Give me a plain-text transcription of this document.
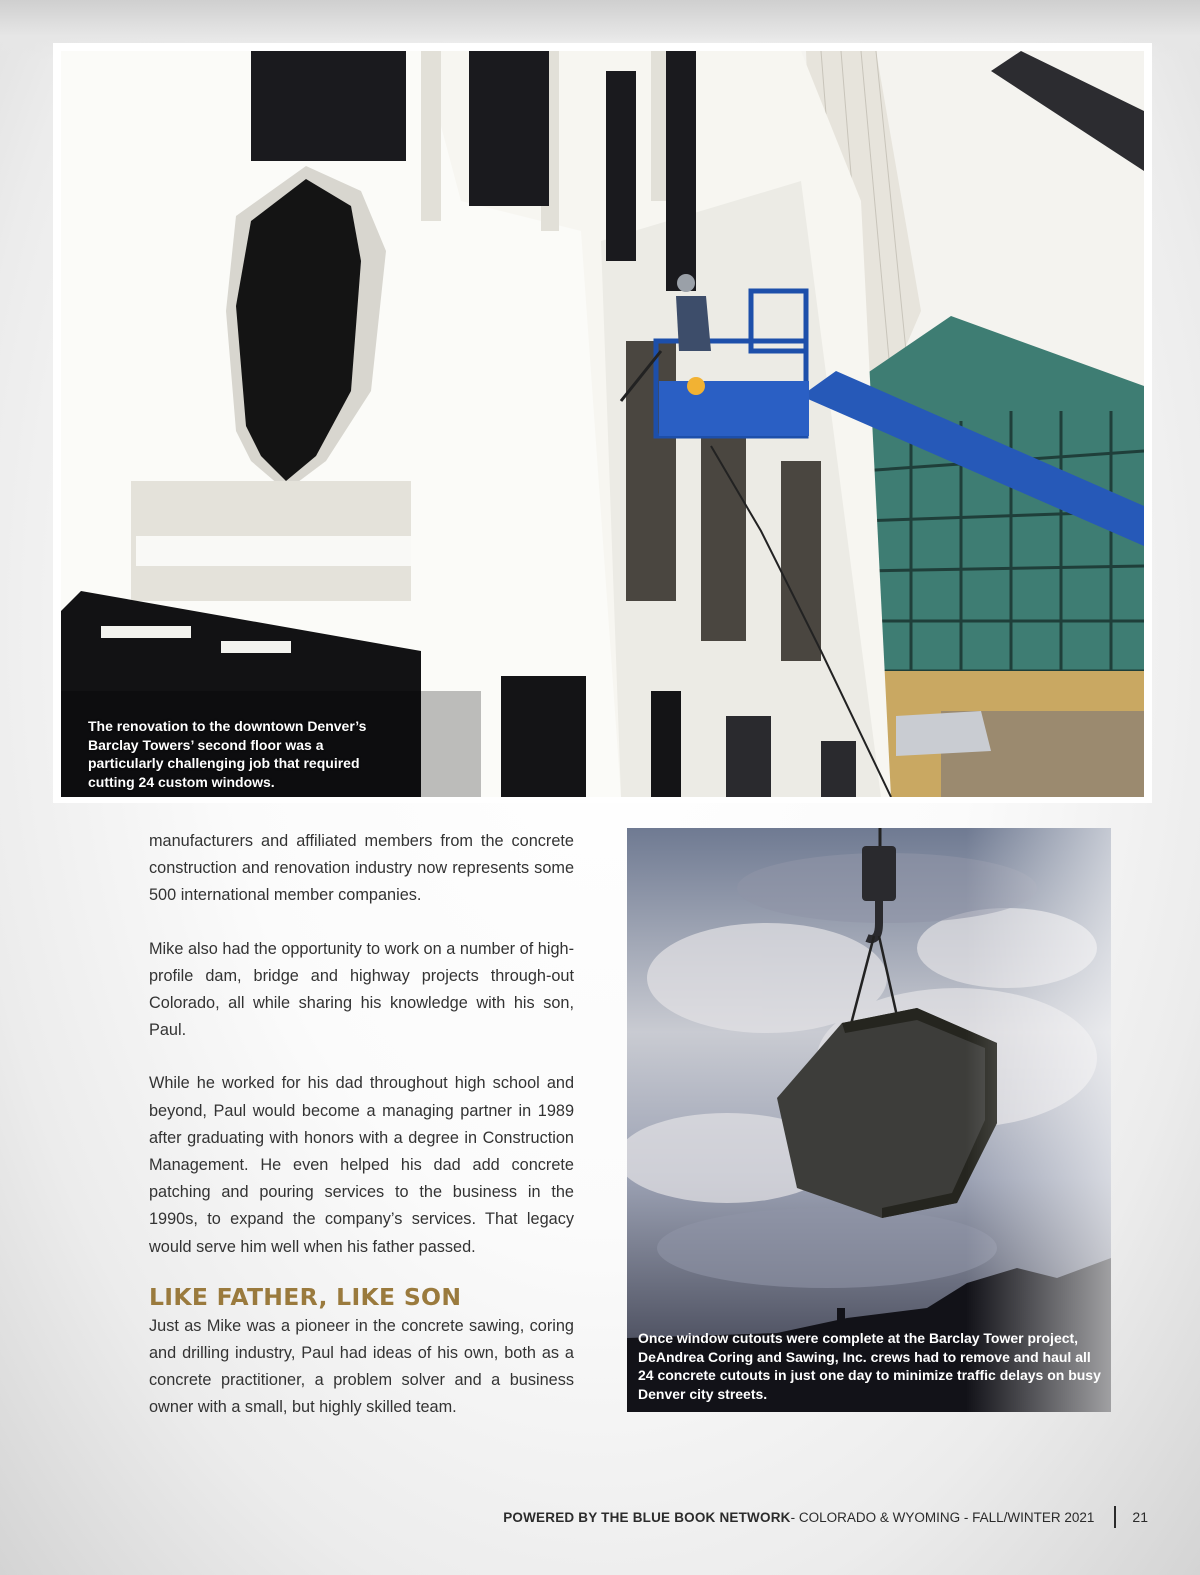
The renovation to the downtown Denver’s Barclay Towers’ second floor was a particularly challenging job that required cutting 24 custom windows.

manufacturers and affiliated members from the concrete construction and renovation industry now represents some 500 international member companies.

Mike also had the opportunity to work on a number of high-profile dam, bridge and highway projects through-out Colorado, all while sharing his knowledge with his son, Paul.

While he worked for his dad throughout high school and beyond, Paul would become a managing partner in 1989 after graduating with honors with a degree in Construction Management. He even helped his dad add concrete patching and pouring services to the business in the 1990s, to expand the company’s services. That legacy would serve him well when his father passed.

LIKE FATHER, LIKE SON

Just as Mike was a pioneer in the concrete sawing, coring and drilling industry, Paul had ideas of his own, both as a concrete practitioner, a problem solver and a business owner with a small, but highly skilled team.

Once window cutouts were complete at the Barclay Tower project, DeAndrea Coring and Sawing, Inc. crews had to remove and haul all 24 concrete cutouts in just one day to minimize traffic delays on busy Denver city streets.

POWERED BY THE BLUE BOOK NETWORK - COLORADO & WYOMING - FALL/WINTER 2021	21
